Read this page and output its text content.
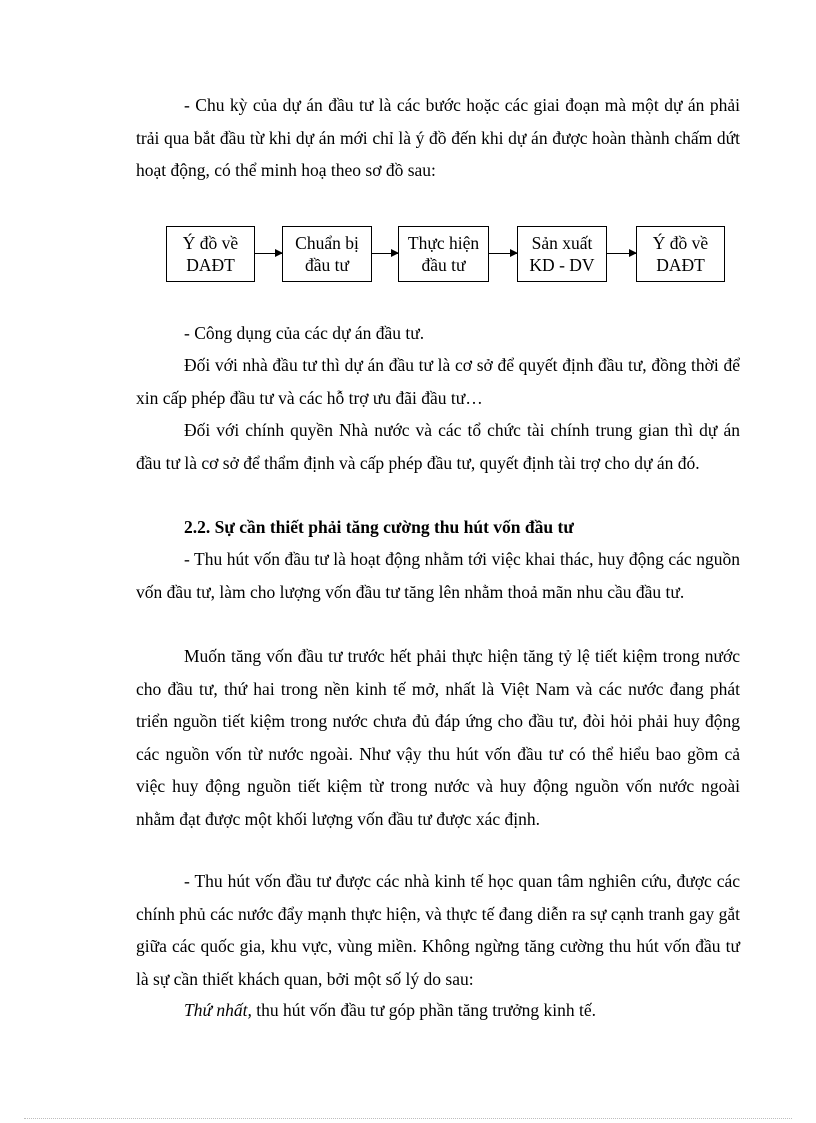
- Chu kỳ của dự án đầu tư là các bước hoặc các giai đoạn mà một dự án phải trải qua bắt đầu từ khi dự án mới chỉ là ý đồ đến khi dự án được hoàn thành chấm dứt hoạt động, có thể minh hoạ theo sơ đồ sau:

Ý đồ về
DAĐT
Chuẩn bị
đầu tư
Thực hiện
đầu tư
Sản xuất
KD - DV
Ý đồ về
DAĐT

- Công dụng của các dự án đầu tư.

Đối với nhà đầu tư thì dự án đầu tư là cơ sở để quyết định đầu tư, đồng thời để xin cấp phép đầu tư và các hỗ trợ ưu đãi đầu tư…

Đối với chính quyền Nhà nước và các tổ chức tài chính trung gian thì dự án đầu tư là cơ sở để thẩm định và cấp phép đầu tư, quyết định tài trợ cho dự án đó.

2.2. Sự cần thiết phải tăng cường thu hút vốn đầu tư

- Thu hút vốn đầu tư là hoạt động nhằm tới việc khai thác, huy động các nguồn vốn đầu tư, làm cho lượng vốn đầu tư tăng lên nhằm thoả mãn nhu cầu đầu tư.

Muốn tăng vốn đầu tư trước hết phải thực hiện tăng tỷ lệ tiết kiệm trong nước cho đầu tư, thứ hai trong nền kinh tế mở, nhất là Việt Nam và các nước đang phát triển nguồn tiết kiệm trong nước chưa đủ đáp ứng cho đầu tư, đòi hỏi phải huy động các nguồn vốn từ nước ngoài. Như vậy thu hút vốn đầu tư có thể hiểu bao gồm cả việc huy động nguồn tiết kiệm từ trong nước và huy động nguồn vốn nước ngoài nhằm đạt được một khối lượng vốn đầu tư được xác định.

- Thu hút vốn đầu tư được các nhà kinh tế học quan tâm nghiên cứu, được các chính phủ các nước đẩy mạnh thực hiện, và thực tế đang diễn ra sự cạnh tranh gay gắt giữa các quốc gia, khu vực, vùng miền. Không ngừng tăng cường thu hút vốn đầu tư là sự cần thiết khách quan, bởi một số lý do sau:

Thứ nhất, thu hút vốn đầu tư góp phần tăng trưởng kinh tế.
